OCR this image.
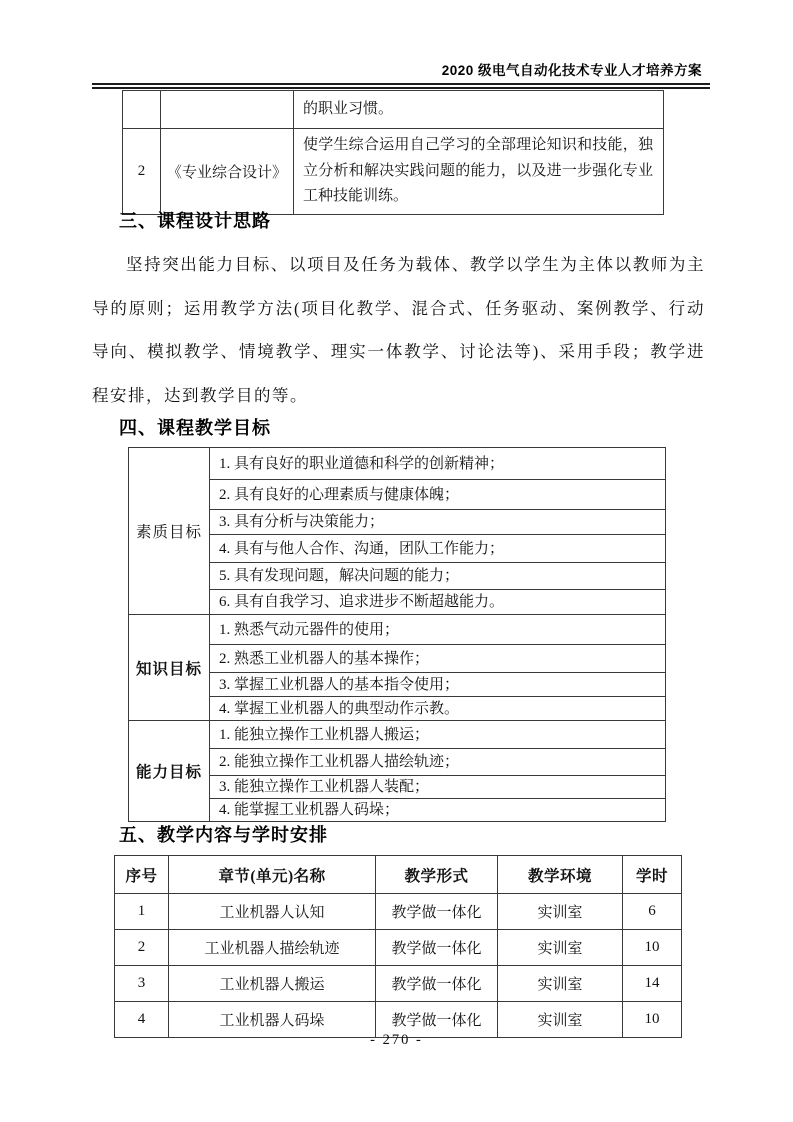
2020 级电气自动化技术专业人才培养方案
		的职业习惯。
2	《专业综合设计》	使学生综合运用自己学习的全部理论知识和技能，独立分析和解决实践问题的能力，以及进一步强化专业工种技能训练。
三、课程设计思路

坚持突出能力目标、以项目及任务为载体、教学以学生为主体以教师为主导的原则；运用教学方法(项目化教学、混合式、任务驱动、案例教学、行动导向、模拟教学、情境教学、理实一体教学、讨论法等)、采用手段；教学进程安排，达到教学目的等。

四、课程教学目标
素质目标	1. 具有良好的职业道德和科学的创新精神；
	2. 具有良好的心理素质与健康体魄；
	3. 具有分析与决策能力；
	4. 具有与他人合作、沟通，团队工作能力；
	5. 具有发现问题，解决问题的能力；
	6. 具有自我学习、追求进步不断超越能力。
知识目标	1. 熟悉气动元器件的使用；
	2. 熟悉工业机器人的基本操作；
	3. 掌握工业机器人的基本指令使用；
	4. 掌握工业机器人的典型动作示教。
能力目标	1. 能独立操作工业机器人搬运；
	2. 能独立操作工业机器人描绘轨迹；
	3. 能独立操作工业机器人装配；
	4. 能掌握工业机器人码垛；
五、教学内容与学时安排
序号	章节(单元)名称	教学形式	教学环境	学时
1	工业机器人认知	教学做一体化	实训室	6
2	工业机器人描绘轨迹	教学做一体化	实训室	10
3	工业机器人搬运	教学做一体化	实训室	14
4	工业机器人码垛	教学做一体化	实训室	10
- 270 -
